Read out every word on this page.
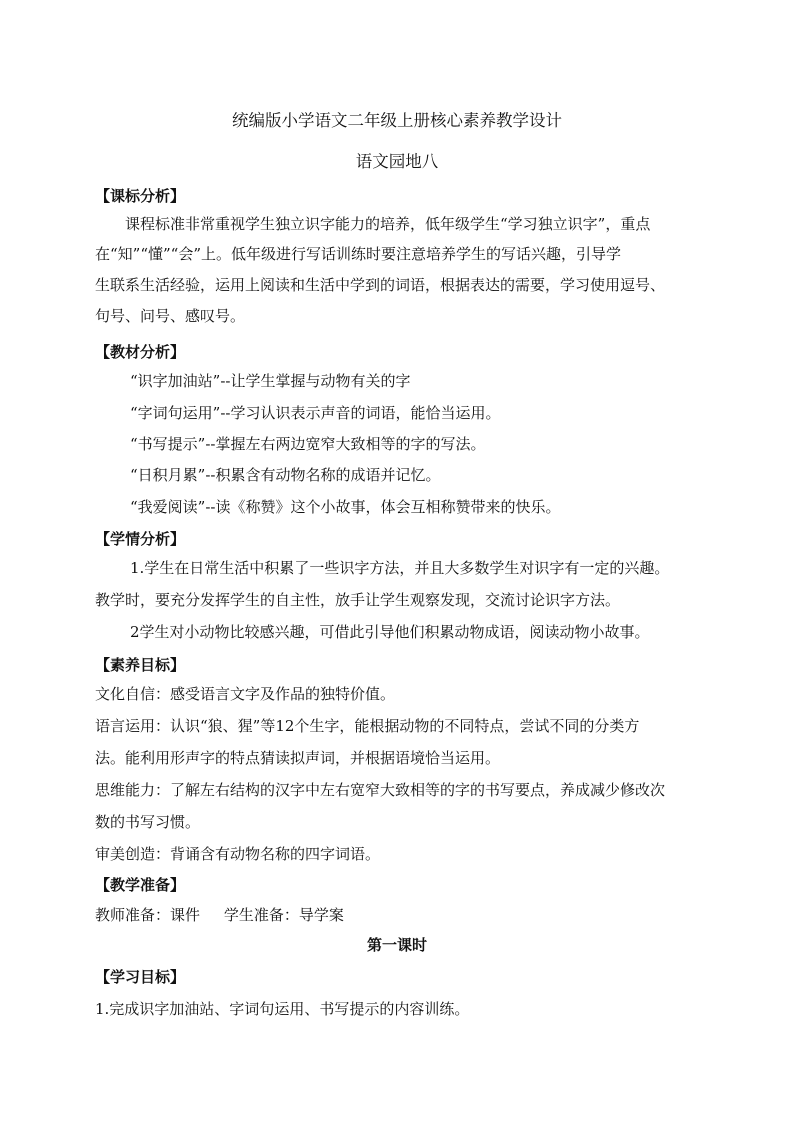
统编版小学语文二年级上册核心素养教学设计
语文园地八
【课标分析】
课程标准非常重视学生独立识字能力的培养，低年级学生“学习独立识字”，重点
在“知”“懂”“会”上。低年级进行写话训练时要注意培养学生的写话兴趣，引导学
生联系生活经验，运用上阅读和生活中学到的词语，根据表达的需要，学习使用逗号、
句号、问号、感叹号。
【教材分析】
“识字加油站”--让学生掌握与动物有关的字
“字词句运用”--学习认识表示声音的词语，能恰当运用。
“书写提示”--掌握左右两边宽窄大致相等的字的写法。
“日积月累”--积累含有动物名称的成语并记忆。
“我爱阅读”--读《称赞》这个小故事，体会互相称赞带来的快乐。
【学情分析】
1.学生在日常生活中积累了一些识字方法，并且大多数学生对识字有一定的兴趣。
教学时，要充分发挥学生的自主性，放手让学生观察发现，交流讨论识字方法。
2学生对小动物比较感兴趣，可借此引导他们积累动物成语，阅读动物小故事。
【素养目标】
文化自信：感受语言文字及作品的独特价值。
语言运用：认识“狼、猩”等12个生字，能根据动物的不同特点，尝试不同的分类方
法。能利用形声字的特点猜读拟声词，并根据语境恰当运用。
思维能力：了解左右结构的汉字中左右宽窄大致相等的字的书写要点，养成减少修改次
数的书写习惯。
审美创造：背诵含有动物名称的四字词语。
【教学准备】
教师准备：课件     学生准备：导学案
第一课时
【学习目标】
1.完成识字加油站、字词句运用、书写提示的内容训练。
